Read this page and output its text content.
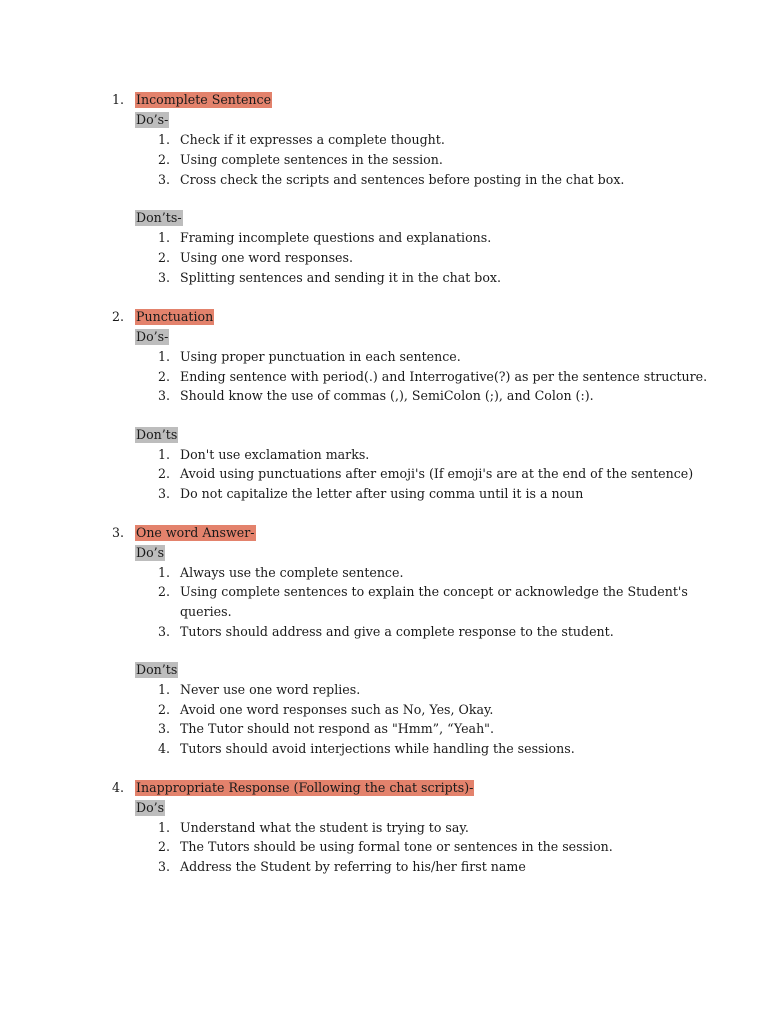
1. Incomplete Sentence
Do’s-
1. Check if it expresses a complete thought.
2. Using complete sentences in the session.
3. Cross check the scripts and sentences before posting in the chat box.
Don’ts-
1. Framing incomplete questions and explanations.
2. Using one word responses.
3. Splitting sentences and sending it in the chat box.
2. Punctuation
Do’s-
1. Using proper punctuation in each sentence.
2. Ending sentence with period(.) and Interrogative(?) as per the sentence structure.
3. Should know the use of commas (,), SemiColon (;), and Colon (:).
Don’ts
1. Don't use exclamation marks.
2. Avoid using punctuations after emoji's (If emoji's are at the end of the sentence)
3. Do not capitalize the letter after using comma until it is a noun
3. One word Answer-
Do’s
1. Always use the complete sentence.
2. Using complete sentences to explain the concept or acknowledge the Student's
queries.
3. Tutors should address and give a complete response to the student.
Don’ts
1. Never use one word replies.
2. Avoid one word responses such as No, Yes, Okay.
3. The Tutor should not respond as "Hmm”, “Yeah".
4. Tutors should avoid interjections while handling the sessions.
4. Inappropriate Response (Following the chat scripts)-
Do’s
1. Understand what the student is trying to say.
2. The Tutors should be using formal tone or sentences in the session.
3. Address the Student by referring to his/her first name
